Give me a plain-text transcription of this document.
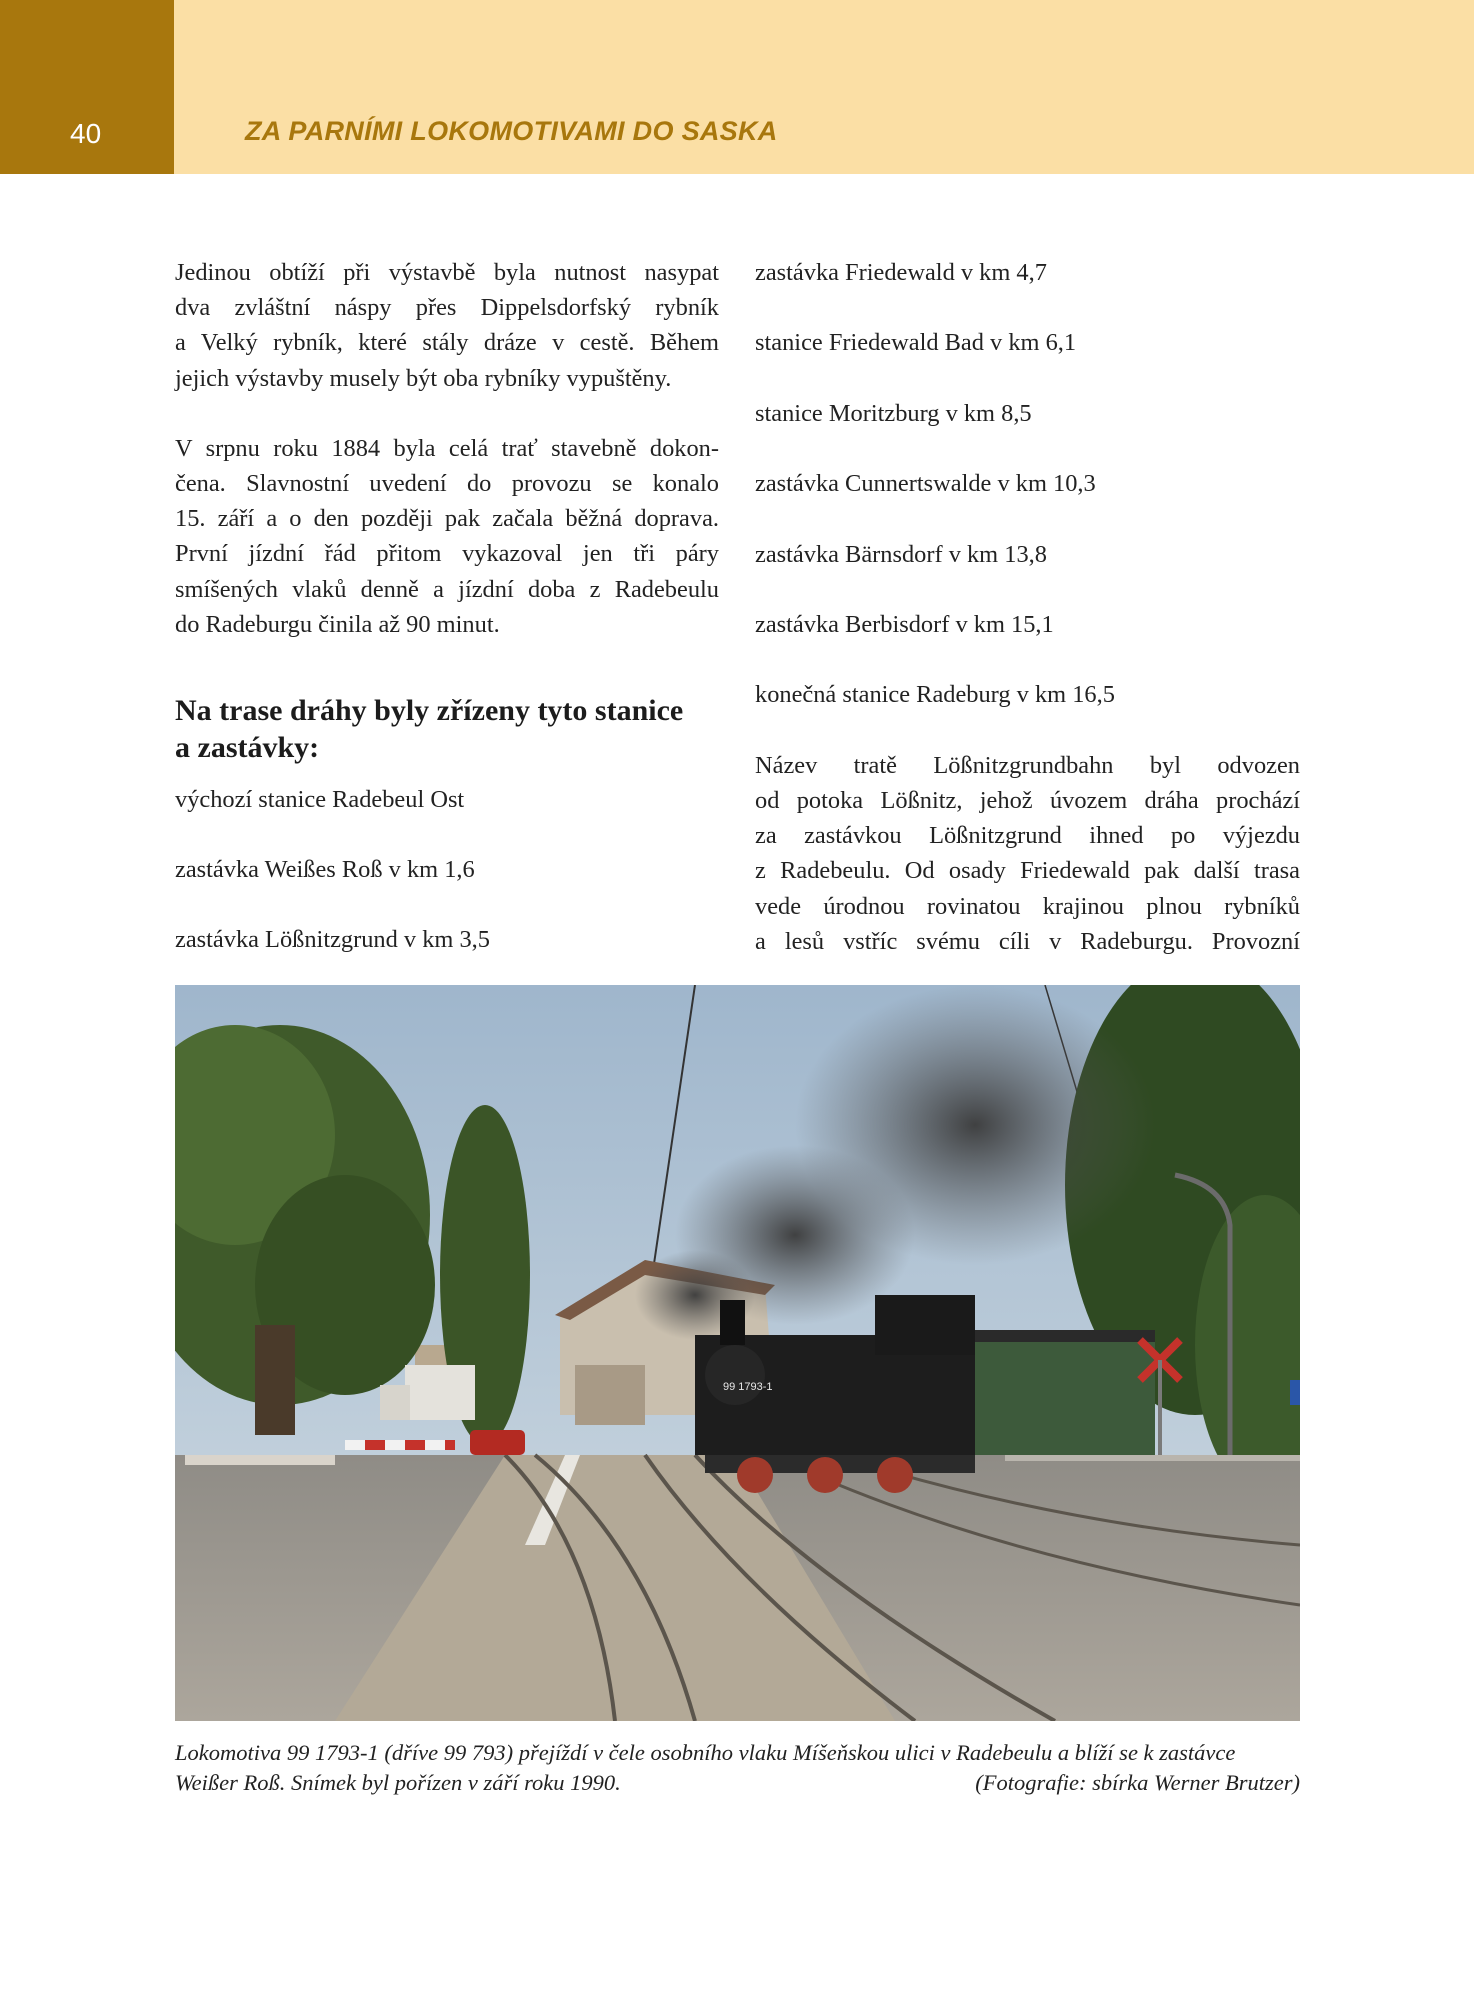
40	ZA PARNÍMI LOKOMOTIVAMI DO SASKA

Jedinou obtíží při výstavbě byla nutnost nasypat
dva zvláštní náspy přes Dippelsdorfský rybník
a Velký rybník, které stály dráze v cestě. Během
jejich výstavby musely být oba rybníky vypuštěny.

V srpnu roku 1884 byla celá trať stavebně dokon-
čena. Slavnostní uvedení do provozu se konalo
15. září a o den později pak začala běžná doprava.
První jízdní řád přitom vykazoval jen tři páry
smíšených vlaků denně a jízdní doba z Radebeulu
do Radeburgu činila až 90 minut.

Na trase dráhy byly zřízeny tyto stanice
a zastávky:

výchozí stanice Radebeul Ost

zastávka Weißes Roß v km 1,6

zastávka Lößnitzgrund v km 3,5

zastávka Friedewald v km 4,7

stanice Friedewald Bad v km 6,1

stanice Moritzburg v km 8,5

zastávka Cunnertswalde v km 10,3

zastávka Bärnsdorf v km 13,8

zastávka Berbisdorf v km 15,1

konečná stanice Radeburg v km 16,5

Název tratě Lößnitzgrundbahn byl odvozen
od potoka Lößnitz, jehož úvozem dráha prochází
za zastávkou Lößnitzgrund ihned po výjezdu
z Radebeulu. Od osady Friedewald pak další trasa
vede úrodnou rovinatou krajinou plnou rybníků
a lesů vstříc svému cíli v Radeburgu. Provozní

99 1793-1
Lokomotiva 99 1793-1 (dříve 99 793) přejíždí v čele osobního vlaku Míšeňskou ulici v Radebeulu a blíží se k zastávce
Weißer Roß. Snímek byl pořízen v září roku 1990.	(Fotografie: sbírka Werner Brutzer)
